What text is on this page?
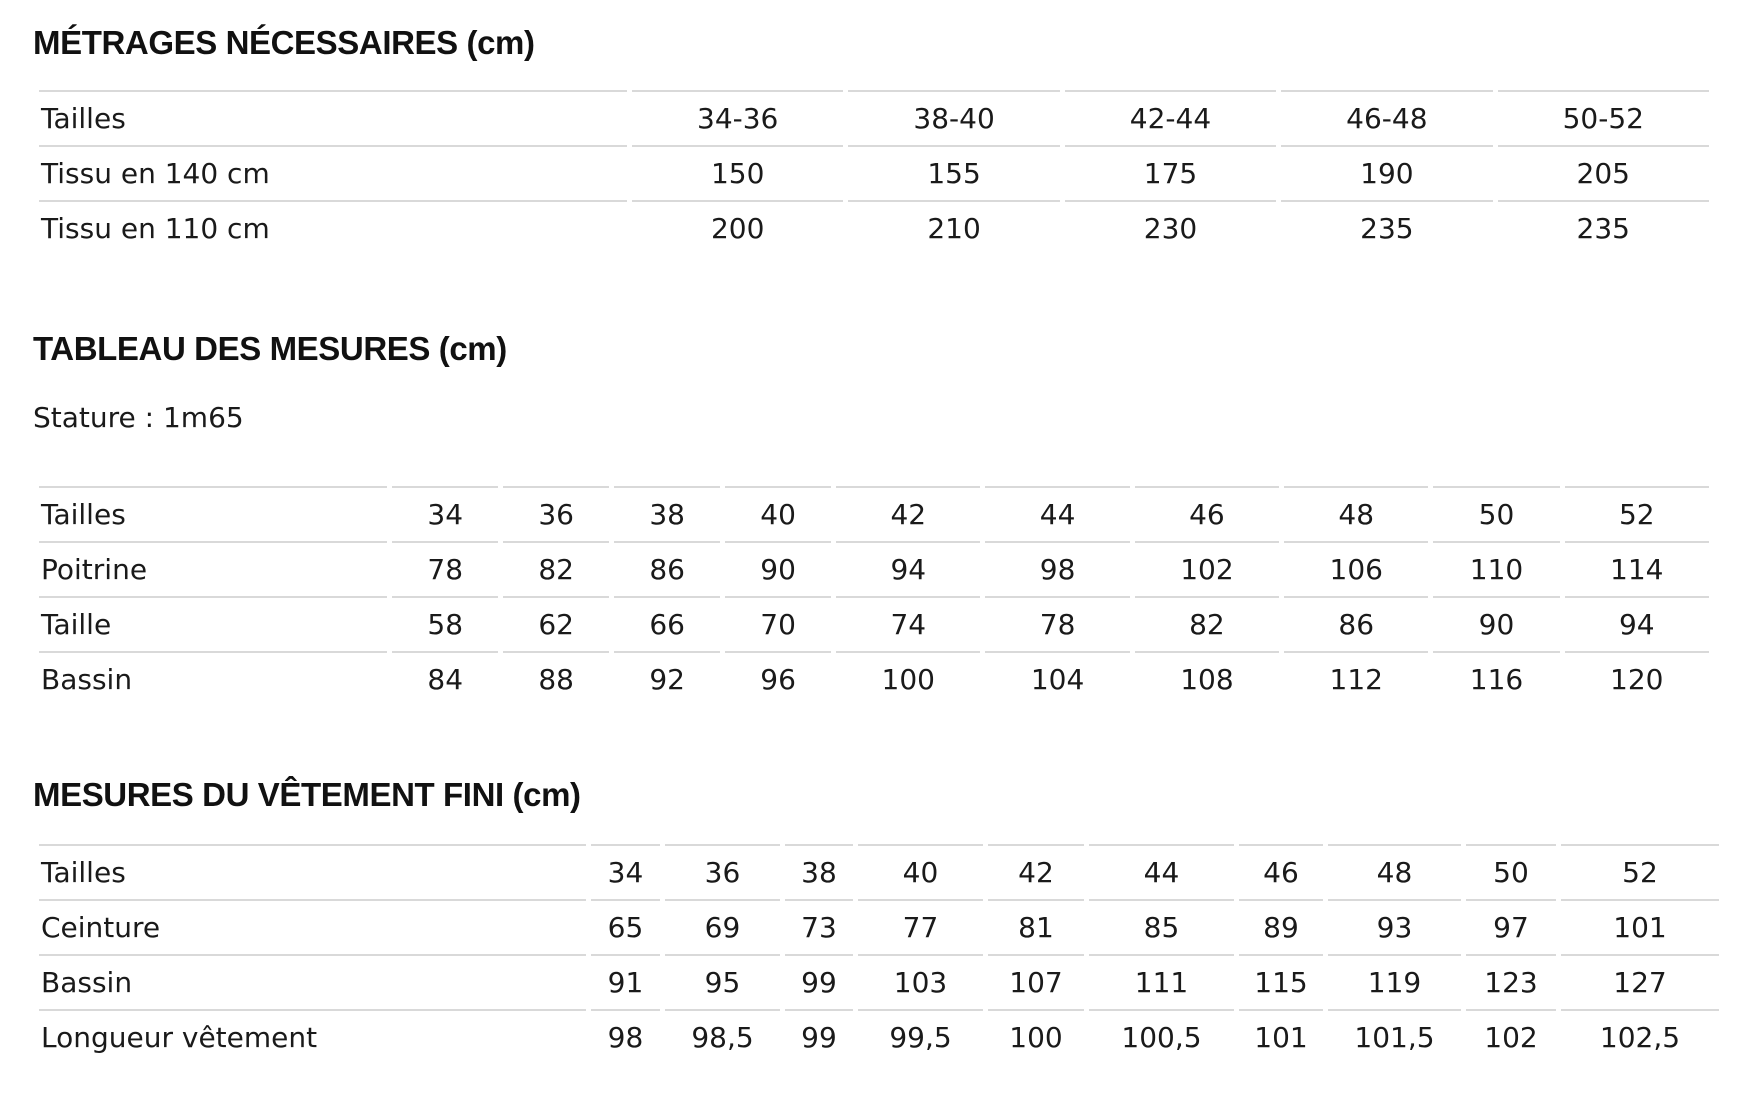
MÉTRAGES NÉCESSAIRES (cm)
Tailles	34-36	38-40	42-44	46-48	50-52
Tissu en 140 cm	150	155	175	190	205
Tissu en 110 cm	200	210	230	235	235
TABLEAU DES MESURES (cm)
Stature : 1m65
Tailles	34	36	38	40	42	44	46	48	50	52
Poitrine	78	82	86	90	94	98	102	106	110	114
Taille	58	62	66	70	74	78	82	86	90	94
Bassin	84	88	92	96	100	104	108	112	116	120
MESURES DU VÊTEMENT FINI (cm)
Tailles	34	36	38	40	42	44	46	48	50	52
Ceinture	65	69	73	77	81	85	89	93	97	101
Bassin	91	95	99	103	107	111	115	119	123	127
Longueur vêtement	98	98,5	99	99,5	100	100,5	101	101,5	102	102,5
